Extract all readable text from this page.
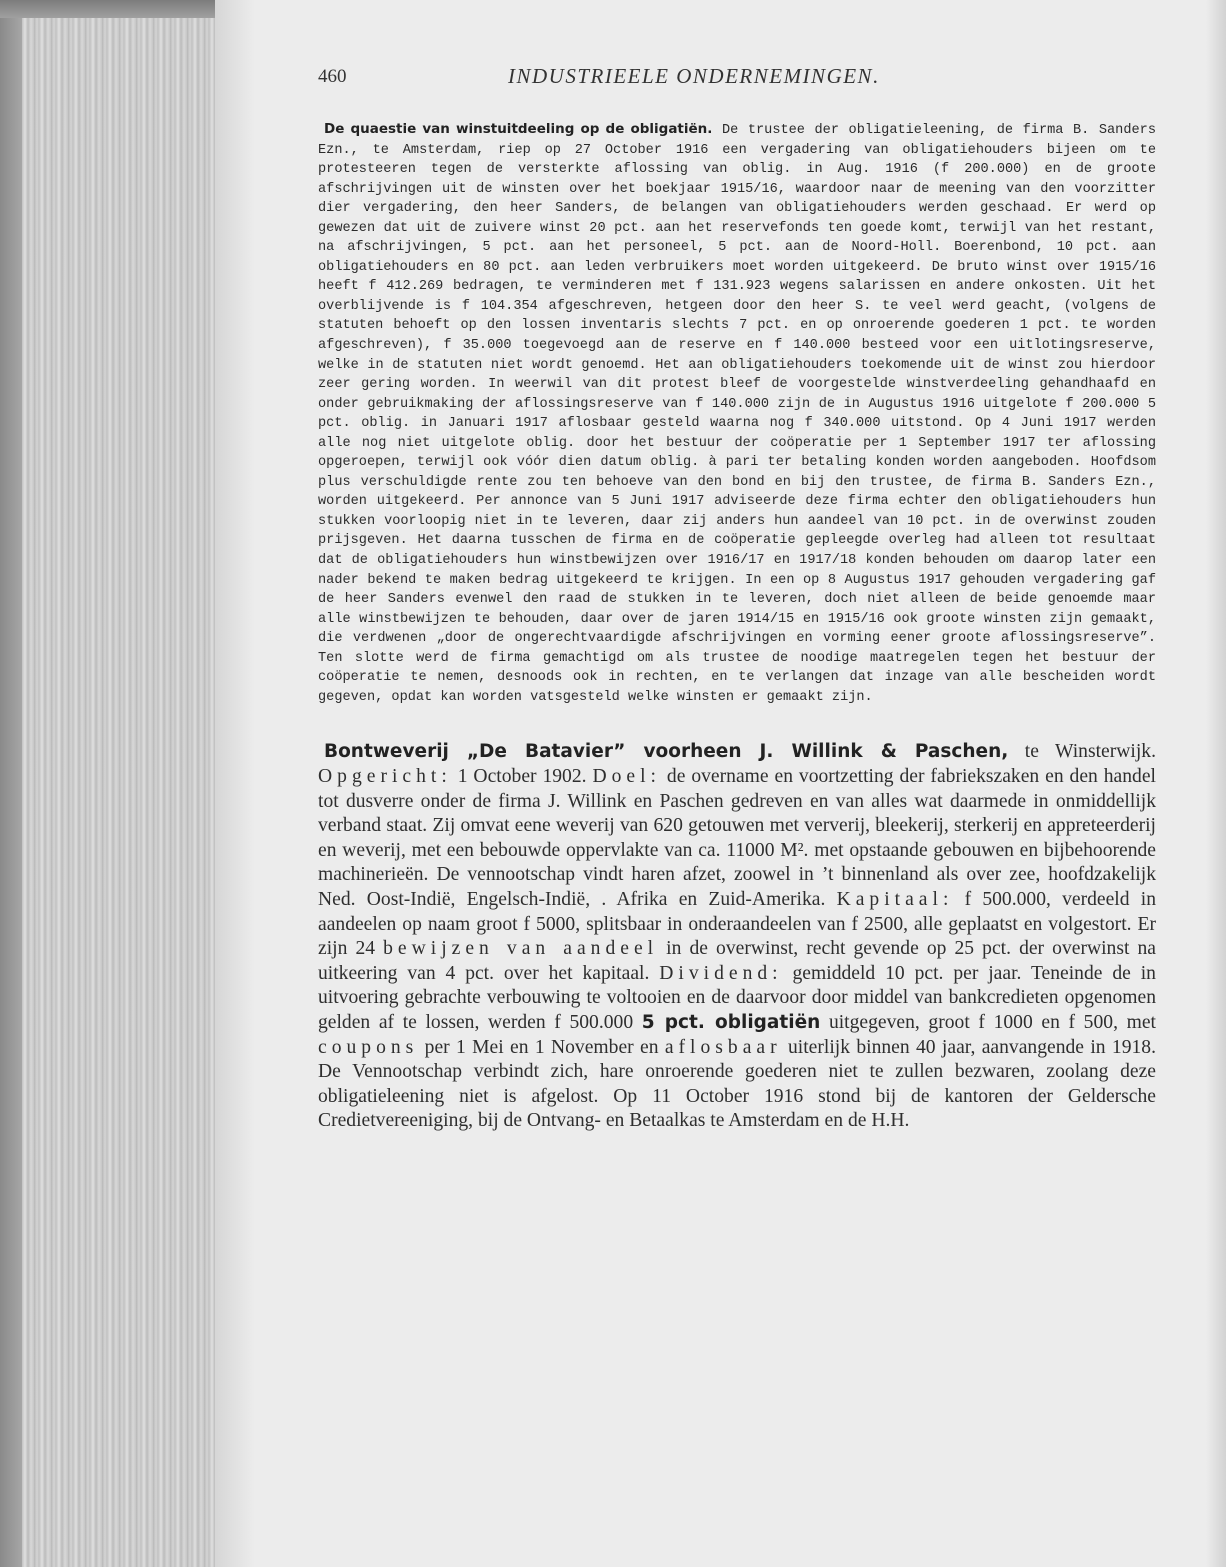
460	INDUSTRIEELE ONDERNEMINGEN.

De quaestie van winstuitdeeling op de obligatiën. De trustee der obligatieleening, de firma B. Sanders Ezn., te Amsterdam, riep op 27 October 1916 een vergadering van obligatiehouders bijeen om te protesteeren tegen de versterkte aflossing van oblig. in Aug. 1916 (f 200.000) en de groote afschrijvingen uit de winsten over het boekjaar 1915/16, waardoor naar de meening van den voorzitter dier vergadering, den heer Sanders, de belangen van obligatiehouders werden geschaad. Er werd op gewezen dat uit de zuivere winst 20 pct. aan het reservefonds ten goede komt, terwijl van het restant, na afschrijvingen, 5 pct. aan het personeel, 5 pct. aan de Noord-Holl. Boerenbond, 10 pct. aan obligatiehouders en 80 pct. aan leden verbruikers moet worden uitgekeerd. De bruto winst over 1915/16 heeft f 412.269 bedragen, te verminderen met f 131.923 wegens salarissen en andere onkosten. Uit het overblijvende is f 104.354 afgeschreven, hetgeen door den heer S. te veel werd geacht, (volgens de statuten behoeft op den lossen inventaris slechts 7 pct. en op onroerende goederen 1 pct. te worden afgeschreven), f 35.000 toegevoegd aan de reserve en f 140.000 besteed voor een uitlotingsreserve, welke in de statuten niet wordt genoemd. Het aan obligatiehouders toekomende uit de winst zou hierdoor zeer gering worden. In weerwil van dit protest bleef de voorgestelde winstverdeeling gehandhaafd en onder gebruikmaking der aflossingsreserve van f 140.000 zijn de in Augustus 1916 uitgelote f 200.000 5 pct. oblig. in Januari 1917 aflosbaar gesteld waarna nog f 340.000 uitstond. Op 4 Juni 1917 werden alle nog niet uitgelote oblig. door het bestuur der coöperatie per 1 September 1917 ter aflossing opgeroepen, terwijl ook vóór dien datum oblig. à pari ter betaling konden worden aangeboden. Hoofdsom plus verschuldigde rente zou ten behoeve van den bond en bij den trustee, de firma B. Sanders Ezn., worden uitgekeerd. Per annonce van 5 Juni 1917 adviseerde deze firma echter den obligatiehouders hun stukken voorloopig niet in te leveren, daar zij anders hun aandeel van 10 pct. in de overwinst zouden prijsgeven. Het daarna tusschen de firma en de coöperatie gepleegde overleg had alleen tot resultaat dat de obligatiehouders hun winstbewijzen over 1916/17 en 1917/18 konden behouden om daarop later een nader bekend te maken bedrag uitgekeerd te krijgen. In een op 8 Augustus 1917 gehouden vergadering gaf de heer Sanders evenwel den raad de stukken in te leveren, doch niet alleen de beide genoemde maar alle winstbewijzen te behouden, daar over de jaren 1914/15 en 1915/16 ook groote winsten zijn gemaakt, die verdwenen „door de ongerechtvaardigde afschrijvingen en vorming eener groote aflossingsreserve”. Ten slotte werd de firma gemachtigd om als trustee de noodige maatregelen tegen het bestuur der coöperatie te nemen, desnoods ook in rechten, en te verlangen dat inzage van alle bescheiden wordt gegeven, opdat kan worden vatsgesteld welke winsten er gemaakt zijn.

Bontweverij „De Batavier” voorheen J. Willink & Paschen, te Winsterwijk. Opgericht: 1 October 1902. Doel: de overname en voortzetting der fabriekszaken en den handel tot dusverre onder de firma J. Willink en Paschen gedreven en van alles wat daarmede in onmiddellijk verband staat. Zij omvat eene weverij van 620 getouwen met ververij, bleekerij, sterkerij en appreteerderij en weverij, met een bebouwde oppervlakte van ca. 11000 M². met opstaande gebouwen en bijbehoorende machinerieën. De vennootschap vindt haren afzet, zoowel in ’t binnenland als over zee, hoofdzakelijk Ned. Oost-Indië, Engelsch-Indië, . Afrika en Zuid-Amerika. Kapitaal: f 500.000, verdeeld in aandeelen op naam groot f 5000, splitsbaar in onderaandeelen van f 2500, alle geplaatst en volgestort. Er zijn 24 bewijzen van aandeel in de overwinst, recht gevende op 25 pct. der overwinst na uitkeering van 4 pct. over het kapitaal. Dividend: gemiddeld 10 pct. per jaar. Teneinde de in uitvoering gebrachte verbouwing te voltooien en de daarvoor door middel van bankcredieten opgenomen gelden af te lossen, werden f 500.000 5 pct. obligatiën uitgegeven, groot f 1000 en f 500, met coupons per 1 Mei en 1 November en aflosbaar uiterlijk binnen 40 jaar, aanvangende in 1918. De Vennootschap verbindt zich, hare onroerende goederen niet te zullen bezwaren, zoolang deze obligatieleening niet is afgelost. Op 11 October 1916 stond bij de kantoren der Geldersche Credietvereeniging, bij de Ontvang- en Betaalkas te Amsterdam en de H.H.
